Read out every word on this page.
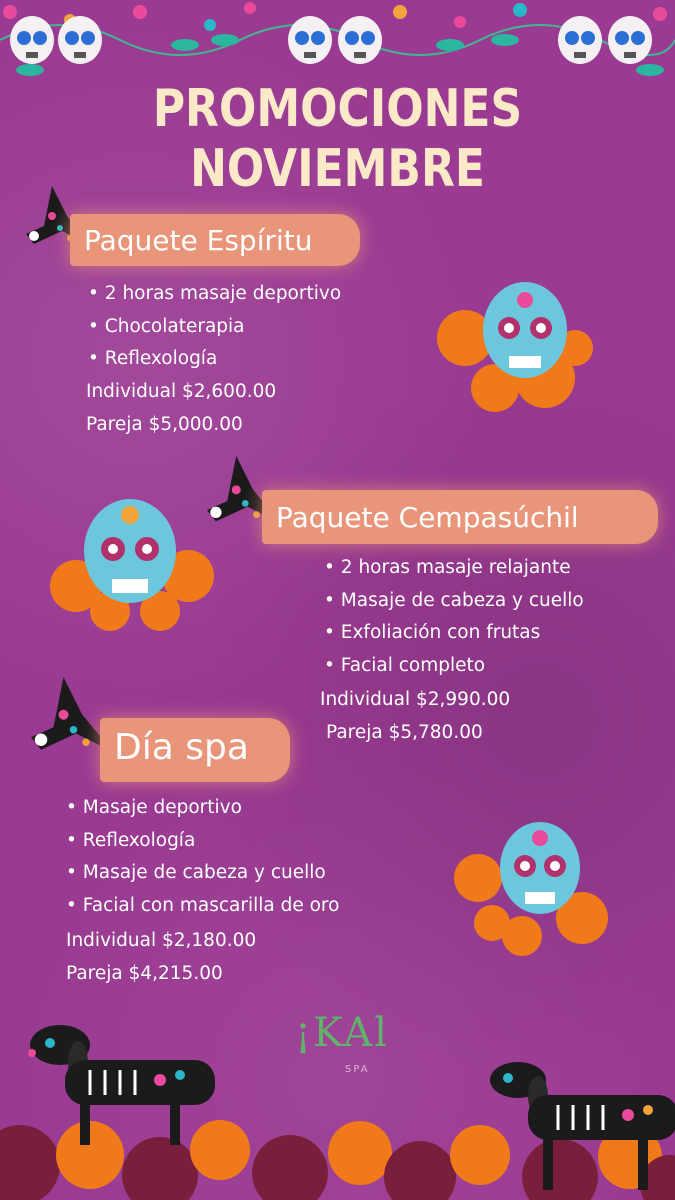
PROMOCIONES NOVIEMBRE
Paquete Espíritu
• 2 horas masaje deportivo
• Chocolaterapia
• Reflexología
Individual $2,600.00
Pareja $5,000.00
Paquete Cempasúchil
• 2 horas masaje relajante
• Masaje de cabeza y cuello
• Exfoliación con frutas
• Facial completo
Individual $2,990.00
Pareja $5,780.00
Día spa
• Masaje deportivo
• Reflexología
• Masaje de cabeza y cuello
• Facial con mascarilla de oro
Individual $2,180.00
Pareja $4,215.00
¡KAl
SPA
